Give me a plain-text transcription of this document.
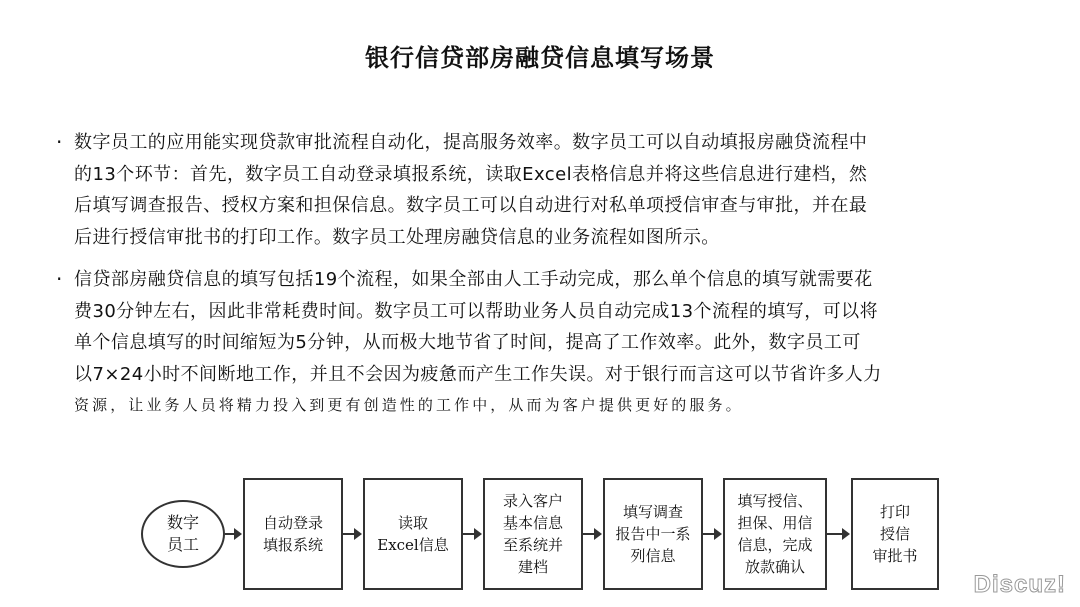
银行信贷部房融贷信息填写场景
· 数字员工的应用能实现贷款审批流程自动化，提高服务效率。数字员工可以自动填报房融贷流程中
的13个环节：首先，数字员工自动登录填报系统，读取Excel表格信息并将这些信息进行建档，然
后填写调查报告、授权方案和担保信息。数字员工可以自动进行对私单项授信审查与审批，并在最
后进行授信审批书的打印工作。数字员工处理房融贷信息的业务流程如图所示。
· 信贷部房融贷信息的填写包括19个流程，如果全部由人工手动完成，那么单个信息的填写就需要花
费30分钟左右，因此非常耗费时间。数字员工可以帮助业务人员自动完成13个流程的填写，可以将
单个信息填写的时间缩短为5分钟，从而极大地节省了时间，提高了工作效率。此外，数字员工可
以7×24小时不间断地工作，并且不会因为疲惫而产生工作失误。对于银行而言这可以节省许多人力
资源，让业务人员将精力投入到更有创造性的工作中，从而为客户提供更好的服务。
数字
员工
自动登录
填报系统
读取
Excel信息
录入客户
基本信息
至系统并
建档
填写调查
报告中一系
列信息
填写授信、
担保、用信
信息，完成
放款确认
打印
授信
审批书
Discuz!
